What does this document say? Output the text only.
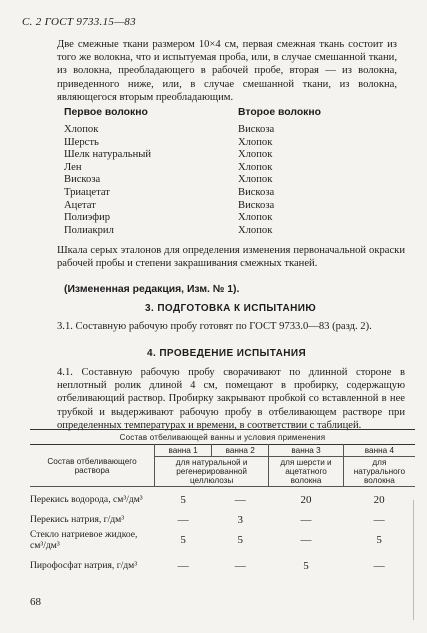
С. 2 ГОСТ 9733.15—83
Две смежные ткани размером 10×4 см, первая смежная ткань состоит из того же волокна, что и испытуемая проба, или, в случае смешанной ткани, из волокна, преобладающего в рабочей пробе, вторая — из волокна, приведенного ниже, или, в случае смешанной ткани, из волокна, являющегося вторым преобладающим.
Первое волокно	Второе волокно
Хлопок	Вискоза
Шерсть	Хлопок
Шелк натуральный	Хлопок
Лен	Хлопок
Вискоза	Хлопок
Триацетат	Вискоза
Ацетат	Вискоза
Полиэфир	Хлопок
Полиакрил	Хлопок
Шкала серых эталонов для определения изменения первоначальной окраски рабочей пробы и степени закрашивания смежных тканей.
(Измененная редакция, Изм. № 1).
3. ПОДГОТОВКА К ИСПЫТАНИЮ
3.1. Составную рабочую пробу готовят по ГОСТ 9733.0—83 (разд. 2).
4. ПРОВЕДЕНИЕ ИСПЫТАНИЯ
4.1. Составную рабочую пробу сворачивают по длинной стороне в неплотный ролик длиной 4 см, помещают в пробирку, содержащую отбеливающий раствор. Пробирку закрывают пробкой со вставленной в нее трубкой и выдерживают рабочую пробу в отбеливающем растворе при определенных температурах и времени, в соответствии с таблицей.
Состав отбеливающей ванны и условия применения				
Состав отбеливающего раствора	ванна 1	ванна 2	ванна 3	ванна 4
	для натуральной и регенерированной целлюлозы		для шерсти и ацетатного волокна	для натурального волокна
Перекись водорода, см³/дм³	5	—	20	20
Перекись натрия, г/дм³	—	3	—	—
Стекло натриевое жидкое, см³/дм³	5	5	—	5
Пирофосфат натрия, г/дм³	—	—	5	—
68
